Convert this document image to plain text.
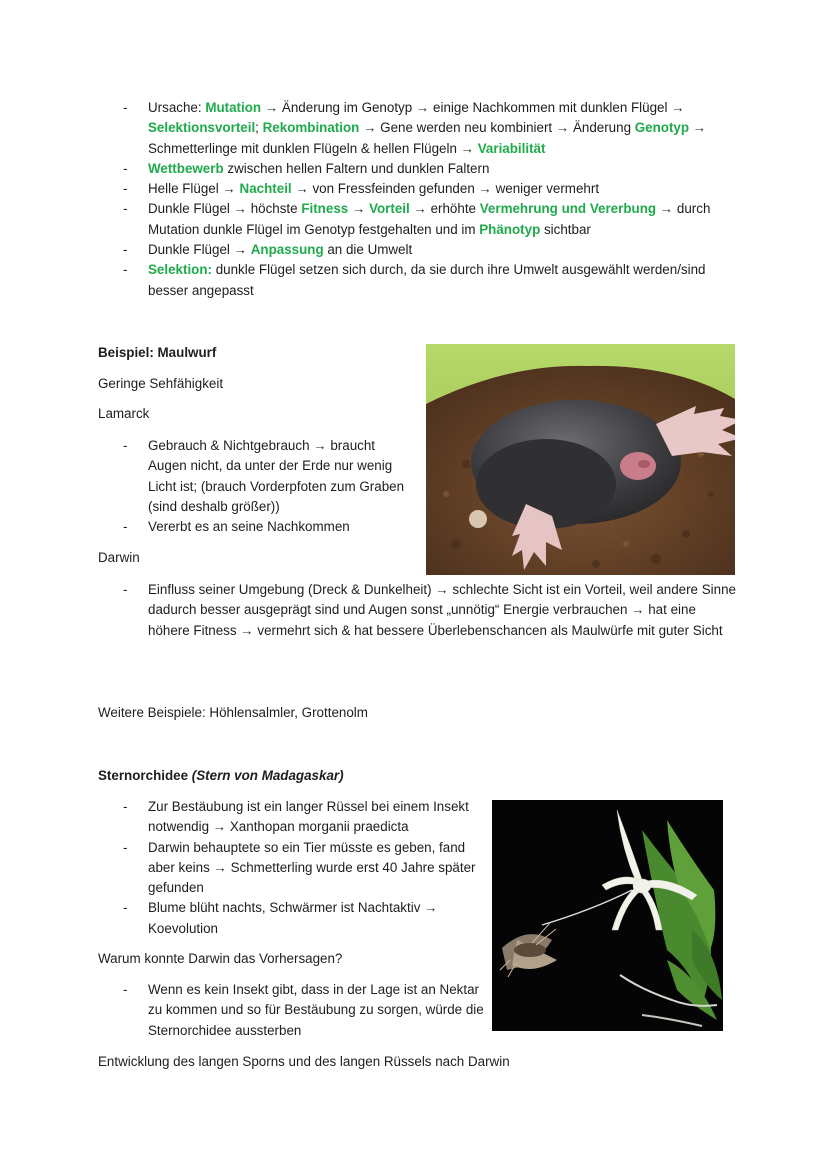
- Ursache: Mutation → Änderung im Genotyp → einige Nachkommen mit dunklen Flügel → Selektionsvorteil; Rekombination → Gene werden neu kombiniert → Änderung Genotyp → Schmetterlinge mit dunklen Flügeln & hellen Flügeln → Variabilität
- Wettbewerb zwischen hellen Faltern und dunklen Faltern
- Helle Flügel → Nachteil → von Fressfeinden gefunden → weniger vermehrt
- Dunkle Flügel → höchste Fitness → Vorteil → erhöhte Vermehrung und Vererbung → durch Mutation dunkle Flügel im Genotyp festgehalten und im Phänotyp sichtbar
- Dunkle Flügel → Anpassung an die Umwelt
- Selektion: dunkle Flügel setzen sich durch, da sie durch ihre Umwelt ausgewählt werden/sind besser angepasst
Beispiel: Maulwurf
Geringe Sehfähigkeit
Lamarck
- Gebrauch & Nichtgebrauch → braucht Augen nicht, da unter der Erde nur wenig Licht ist; (brauch Vorderpfoten zum Graben (sind deshalb größer))
- Vererbt es an seine Nachkommen
Darwin
- Einfluss seiner Umgebung (Dreck & Dunkelheit) → schlechte Sicht ist ein Vorteil, weil andere Sinne dadurch besser ausgeprägt sind und Augen sonst „unnötig“ Energie verbrauchen → hat eine höhere Fitness → vermehrt sich & hat bessere Überlebenschancen als Maulwürfe mit guter Sicht
Weitere Beispiele: Höhlensalmler, Grottenolm
Sternorchidee (Stern von Madagaskar)
- Zur Bestäubung ist ein langer Rüssel bei einem Insekt notwendig → Xanthopan morganii praedicta
- Darwin behauptete so ein Tier müsste es geben, fand aber keins → Schmetterling wurde erst 40 Jahre später gefunden
- Blume blüht nachts, Schwärmer ist Nachtaktiv → Koevolution
Warum konnte Darwin das Vorhersagen?
- Wenn es kein Insekt gibt, dass in der Lage ist an Nektar zu kommen und so für Bestäubung zu sorgen, würde die Sternorchidee aussterben
Entwicklung des langen Sporns und des langen Rüssels nach Darwin
